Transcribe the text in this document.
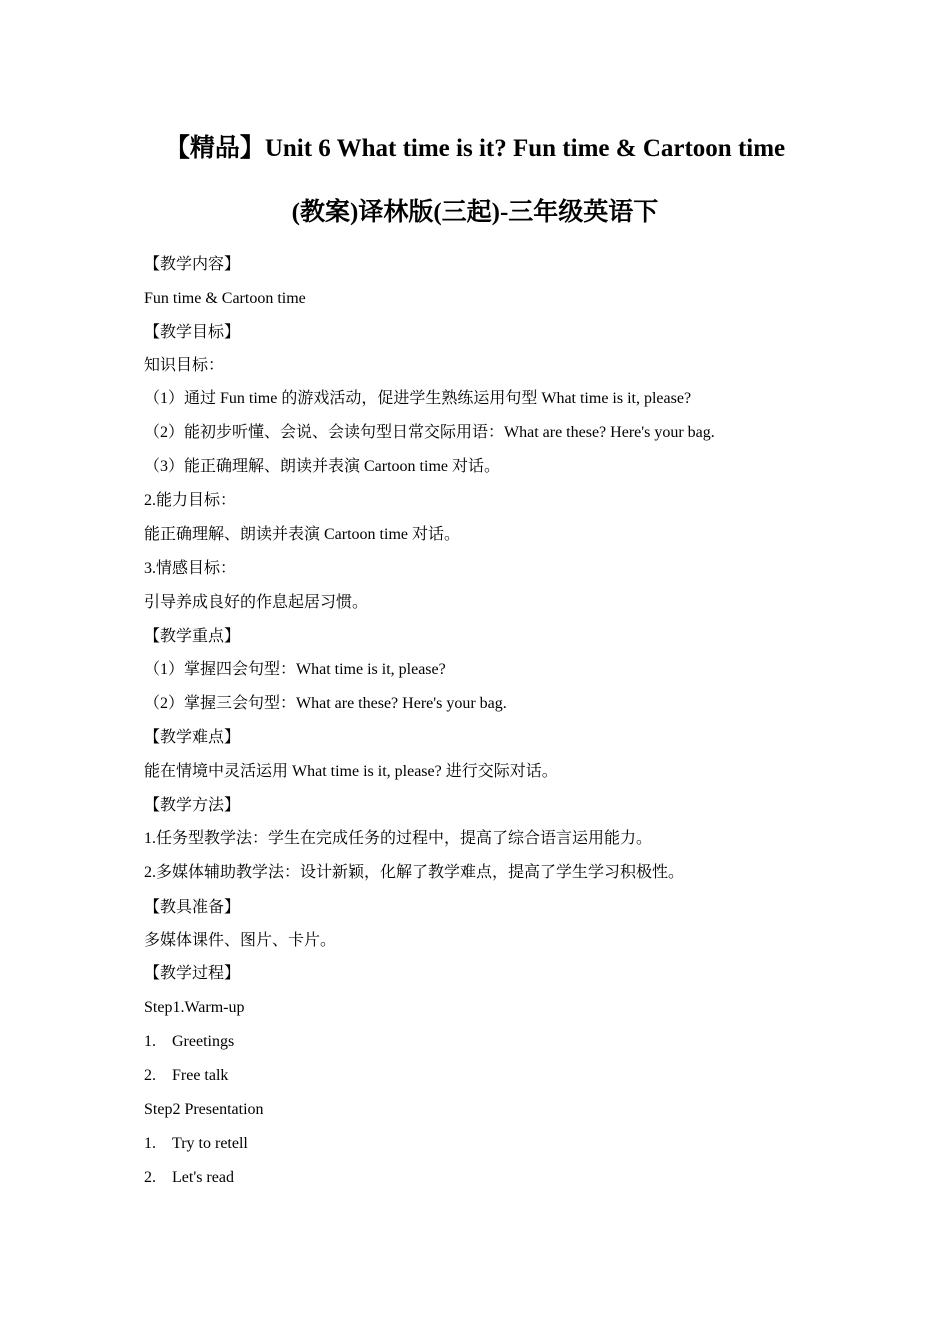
【精品】Unit 6 What time is it? Fun time & Cartoon time
(教案)译林版(三起)-三年级英语下
【教学内容】
Fun time & Cartoon time
【教学目标】
知识目标：
（1）通过 Fun time 的游戏活动，促进学生熟练运用句型 What time is it, please?
（2）能初步听懂、会说、会读句型日常交际用语：What are these? Here's your bag.
（3）能正确理解、朗读并表演 Cartoon time 对话。
2.能力目标：
能正确理解、朗读并表演 Cartoon time 对话。
3.情感目标：
引导养成良好的作息起居习惯。
【教学重点】
（1）掌握四会句型：What time is it, please?
（2）掌握三会句型：What are these? Here's your bag.
【教学难点】
能在情境中灵活运用 What time is it, please? 进行交际对话。
【教学方法】
1.任务型教学法：学生在完成任务的过程中，提高了综合语言运用能力。
2.多媒体辅助教学法：设计新颖，化解了教学难点，提高了学生学习积极性。
【教具准备】
多媒体课件、图片、卡片。
【教学过程】
Step1.Warm-up
1. Greetings
2. Free talk
Step2 Presentation
1. Try to retell
2. Let's read
